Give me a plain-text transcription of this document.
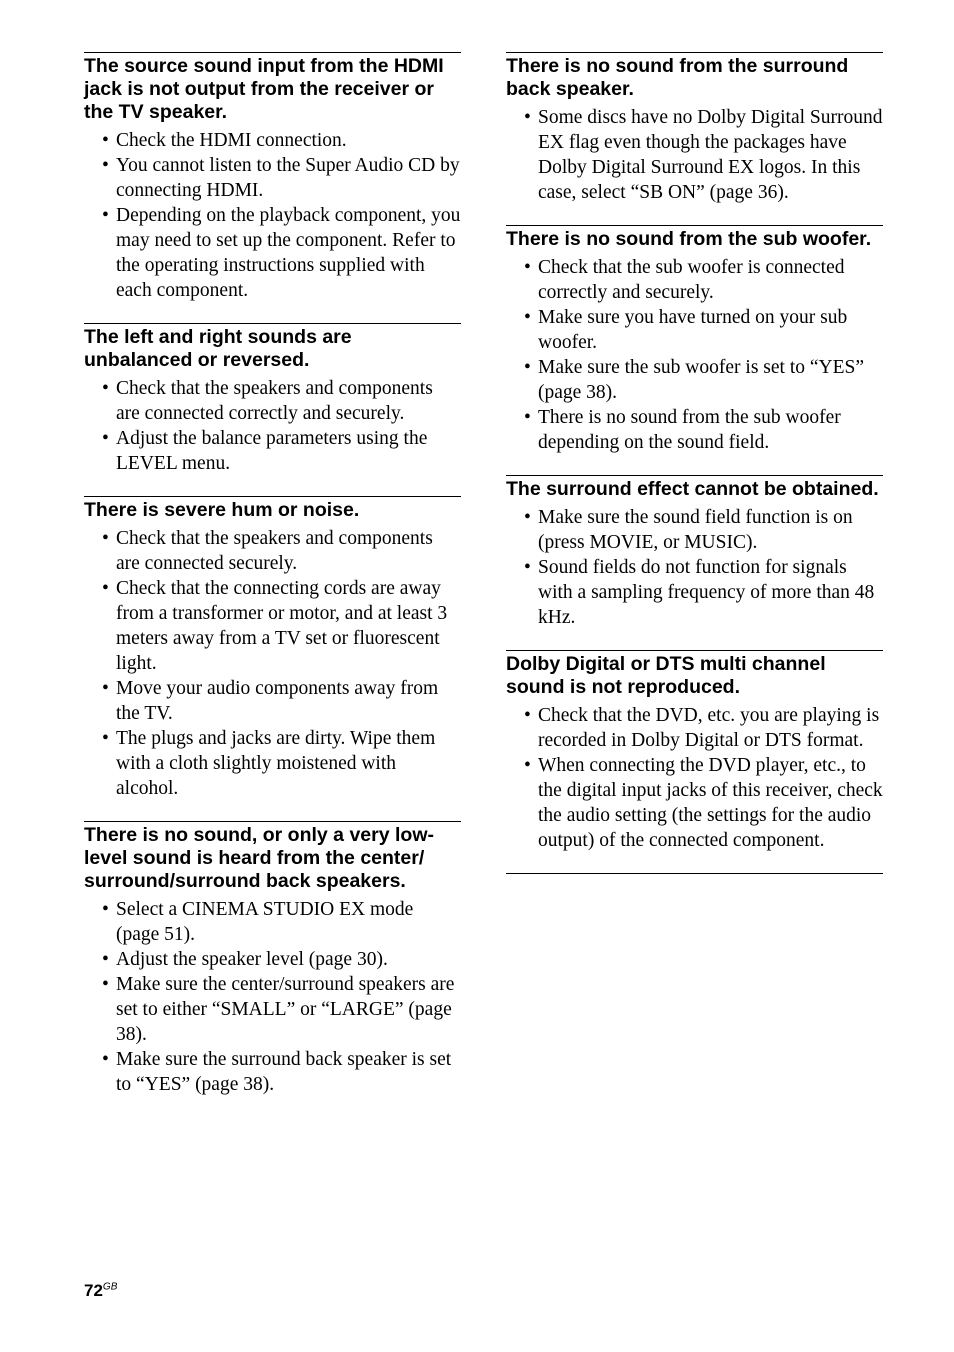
The source sound input from the HDMI jack is not output from the receiver or the TV speaker.
• Check the HDMI connection.
• You cannot listen to the Super Audio CD by connecting HDMI.
• Depending on the playback component, you may need to set up the component. Refer to the operating instructions supplied with each component.
The left and right sounds are unbalanced or reversed.
• Check that the speakers and components are connected correctly and securely.
• Adjust the balance parameters using the LEVEL menu.
There is severe hum or noise.
• Check that the speakers and components are connected securely.
• Check that the connecting cords are away from a transformer or motor, and at least 3 meters away from a TV set or fluorescent light.
• Move your audio components away from the TV.
• The plugs and jacks are dirty. Wipe them with a cloth slightly moistened with alcohol.
There is no sound, or only a very low-level sound is heard from the center/ surround/surround back speakers.
• Select a CINEMA STUDIO EX mode (page 51).
• Adjust the speaker level (page 30).
• Make sure the center/surround speakers are set to either “SMALL” or “LARGE” (page 38).
• Make sure the surround back speaker is set to “YES” (page 38).
There is no sound from the surround back speaker.
• Some discs have no Dolby Digital Surround EX flag even though the packages have Dolby Digital Surround EX logos. In this case, select “SB ON” (page 36).
There is no sound from the sub woofer.
• Check that the sub woofer is connected correctly and securely.
• Make sure you have turned on your sub woofer.
• Make sure the sub woofer is set to “YES” (page 38).
• There is no sound from the sub woofer depending on the sound field.
The surround effect cannot be obtained.
• Make sure the sound field function is on (press MOVIE, or MUSIC).
• Sound fields do not function for signals with a sampling frequency of more than 48 kHz.
Dolby Digital or DTS multi channel sound is not reproduced.
• Check that the DVD, etc. you are playing is recorded in Dolby Digital or DTS format.
• When connecting the DVD player, etc., to the digital input jacks of this receiver, check the audio setting (the settings for the audio output) of the connected component.
$72^{GB}$
